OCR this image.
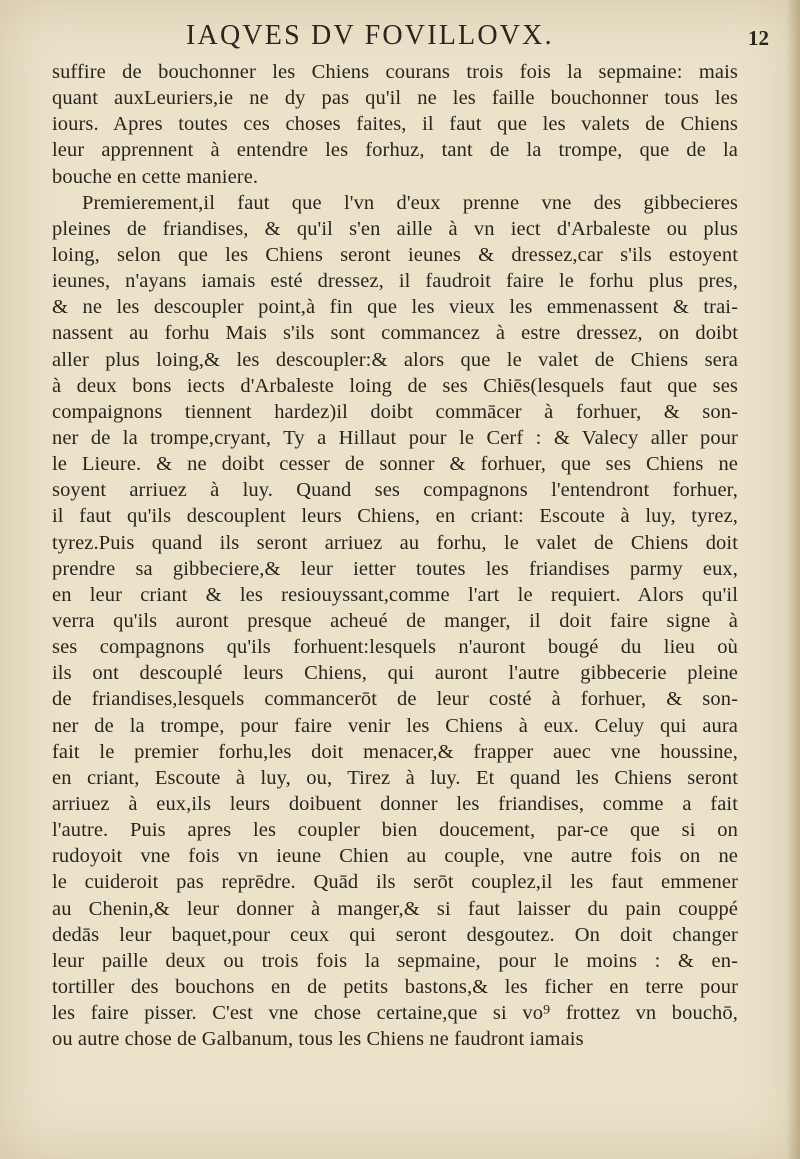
IAQVES DV FOVILLOVX.	12
suffire de bouchonner les Chiens courans trois fois la sepmaine: mais
quant auxLeuriers,ie ne dy pas qu'il ne les faille bouchonner tous les
iours. Apres toutes ces choses faites, il faut que les valets de Chiens
leur apprennent à entendre les forhuz, tant de la trompe, que de la
bouche en cette maniere.
Premierement,il faut que l'vn d'eux prenne vne des gibbecieres
pleines de friandises, & qu'il s'en aille à vn iect d'Arbaleste ou plus
loing, selon que les Chiens seront ieunes & dressez,car s'ils estoyent
ieunes, n'ayans iamais esté dressez, il faudroit faire le forhu plus pres,
& ne les descoupler point,à fin que les vieux les emmenassent & trai-
nassent au forhu Mais s'ils sont commancez à estre dressez, on doibt
aller plus loing,& les descoupler:& alors que le valet de Chiens sera
à deux bons iects d'Arbaleste loing de ses Chiēs(lesquels faut que ses
compaignons tiennent hardez)il doibt commācer à forhuer, & son-
ner de la trompe,cryant, Ty a Hillaut pour le Cerf : & Valecy aller pour
le Lieure. & ne doibt cesser de sonner & forhuer, que ses Chiens ne
soyent arriuez à luy. Quand ses compagnons l'entendront forhuer,
il faut qu'ils descouplent leurs Chiens, en criant: Escoute à luy, tyrez,
tyrez.Puis quand ils seront arriuez au forhu, le valet de Chiens doit
prendre sa gibbeciere,& leur ietter toutes les friandises parmy eux,
en leur criant & les resiouyssant,comme l'art le requiert. Alors qu'il
verra qu'ils auront presque acheué de manger, il doit faire signe à
ses compagnons qu'ils forhuent:lesquels n'auront bougé du lieu où
ils ont descouplé leurs Chiens, qui auront l'autre gibbecerie pleine
de friandises,lesquels commancerōt de leur costé à forhuer, & son-
ner de la trompe, pour faire venir les Chiens à eux. Celuy qui aura
fait le premier forhu,les doit menacer,& frapper auec vne houssine,
en criant, Escoute à luy, ou, Tirez à luy. Et quand les Chiens seront
arriuez à eux,ils leurs doibuent donner les friandises, comme a fait
l'autre. Puis apres les coupler bien doucement, par-ce que si on
rudoyoit vne fois vn ieune Chien au couple, vne autre fois on ne
le cuideroit pas reprēdre. Quād ils serōt couplez,il les faut emmener
au Chenin,& leur donner à manger,& si faut laisser du pain couppé
dedās leur baquet,pour ceux qui seront desgoutez. On doit changer
leur paille deux ou trois fois la sepmaine, pour le moins : & en-
tortiller des bouchons en de petits bastons,& les ficher en terre pour
les faire pisser. C'est vne chose certaine,que si vo⁹ frottez vn bouchō,
ou autre chose de Galbanum, tous les Chiens ne faudront iamais
